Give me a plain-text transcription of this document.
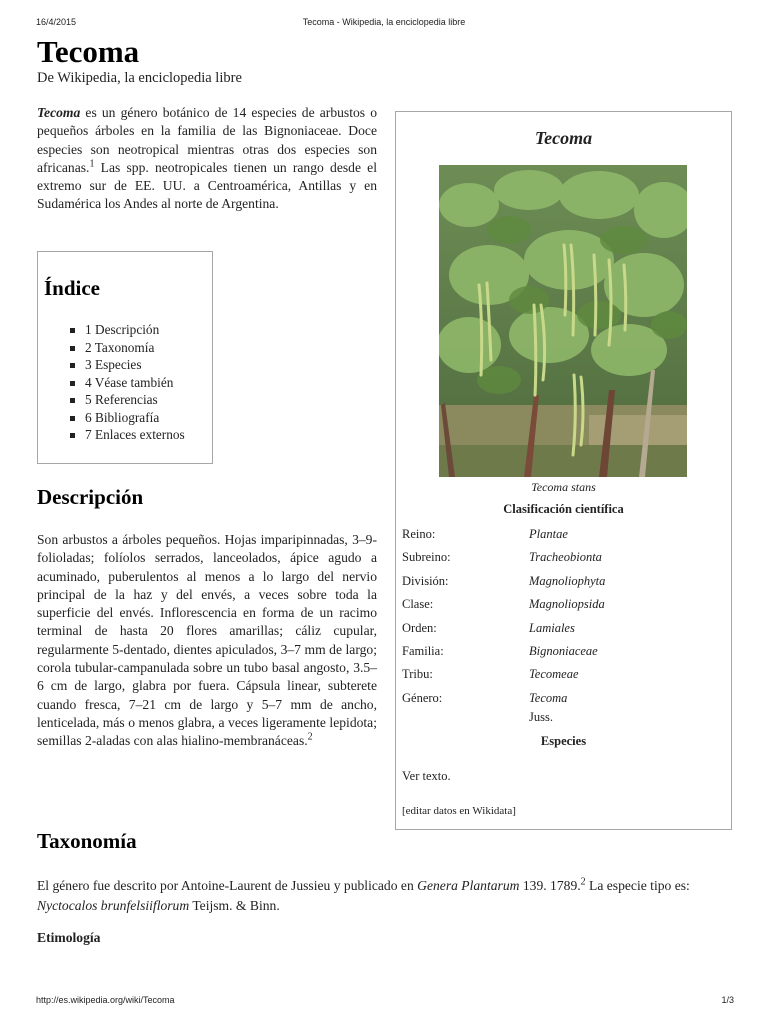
16/4/2015	Tecoma - Wikipedia, la enciclopedia libre
Tecoma
De Wikipedia, la enciclopedia libre

Tecoma es un género botánico de 14 especies de arbustos o pequeños árboles en la familia de las Bignoniaceae. Doce especies son neotropical mientras otras dos especies son africanas.$^1$ Las spp. neotropicales tienen un rango desde el extremo sur de EE. UU. a Centroamérica, Antillas y en Sudamérica los Andes al norte de Argentina.

Índice
1 Descripción
2 Taxonomía
3 Especies
4 Véase también
5 Referencias
6 Bibliografía
7 Enlaces externos
Descripción

Son arbustos a árboles pequeños. Hojas imparipinnadas, 3–9-folioladas; folíolos serrados, lanceolados, ápice agudo a acuminado, puberulentos al menos a lo largo del nervio principal de la haz y del envés, a veces sobre toda la superficie del envés. Inflorescencia en forma de un racimo terminal de hasta 20 flores amarillas; cáliz cupular, regularmente 5-dentado, dientes apiculados, 3–7 mm de largo; corola tubular-campanulada sobre un tubo basal angosto, 3.5–6 cm de largo, glabra por fuera. Cápsula linear, subterete cuando fresca, 7–21 cm de largo y 5–7 mm de ancho, lenticelada, más o menos glabra, a veces ligeramente lepidota; semillas 2-aladas con alas hialino-membranáceas.$^2$

Taxonomía

El género fue descrito por Antoine-Laurent de Jussieu y publicado en Genera Plantarum 139. 1789.$^2$ La especie tipo es: Nyctocalos brunfelsiiflorum Teijsm. & Binn.

Etimología
Tecoma
Tecoma stans
Clasificación científica
Reino:	Plantae
Subreino:	Tracheobionta
División:	Magnoliophyta
Clase:	Magnoliopsida
Orden:	Lamiales
Familia:	Bignoniaceae
Tribu:	Tecomeae
Género:	Tecoma
Juss.
Especies
Ver texto.
[editar datos en Wikidata]
http://es.wikipedia.org/wiki/Tecoma	1/3
